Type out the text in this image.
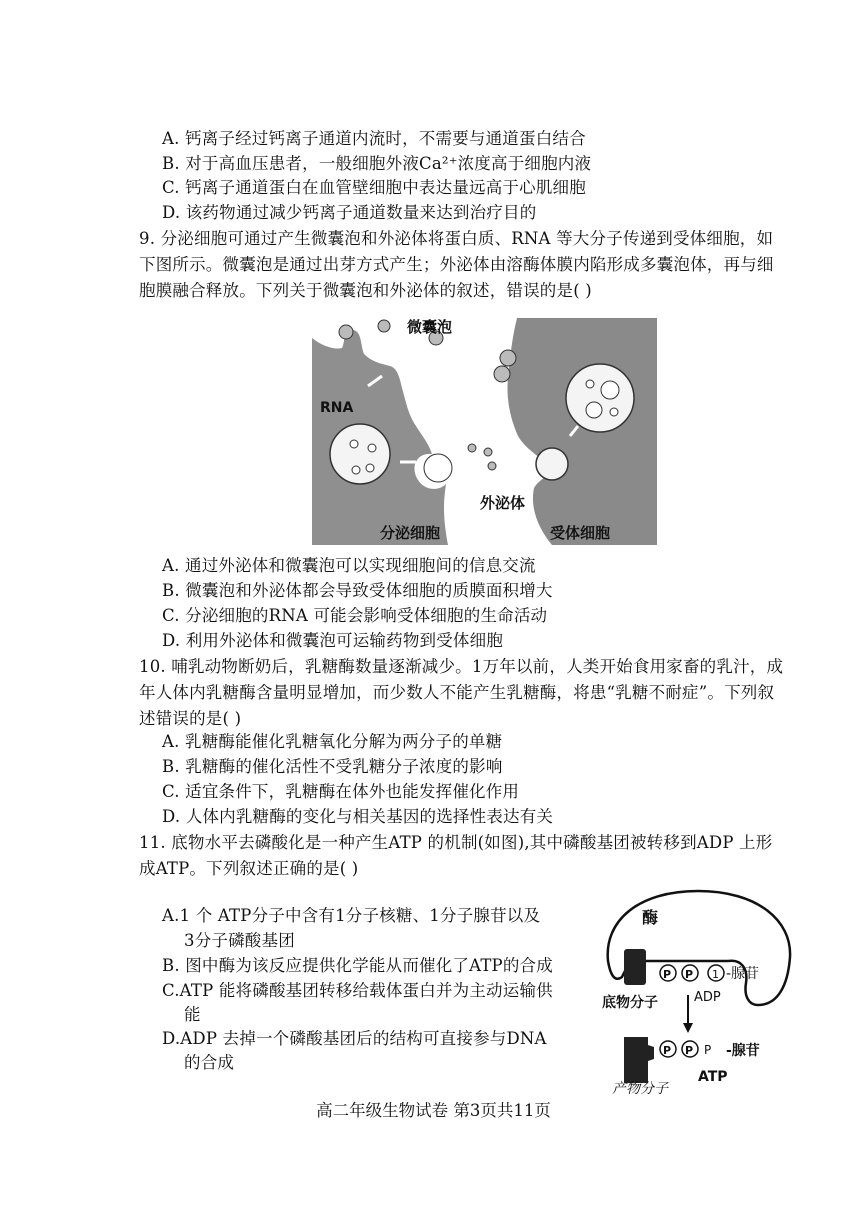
A. 钙离子经过钙离子通道内流时，不需要与通道蛋白结合
B. 对于高血压患者，一般细胞外液Ca²⁺浓度高于细胞内液
C. 钙离子通道蛋白在血管壁细胞中表达量远高于心肌细胞
D. 该药物通过减少钙离子通道数量来达到治疗目的
9. 分泌细胞可通过产生微囊泡和外泌体将蛋白质、RNA 等大分子传递到受体细胞，如
下图所示。微囊泡是通过出芽方式产生；外泌体由溶酶体膜内陷形成多囊泡体，再与细
胞膜融合释放。下列关于微囊泡和外泌体的叙述，错误的是( )
微囊泡
RNA
外泌体
分泌细胞	受体细胞
A. 通过外泌体和微囊泡可以实现细胞间的信息交流
B. 微囊泡和外泌体都会导致受体细胞的质膜面积增大
C. 分泌细胞的RNA 可能会影响受体细胞的生命活动
D. 利用外泌体和微囊泡可运输药物到受体细胞
10. 哺乳动物断奶后，乳糖酶数量逐渐减少。1万年以前，人类开始食用家畜的乳汁，成
年人体内乳糖酶含量明显增加，而少数人不能产生乳糖酶，将患“乳糖不耐症”。下列叙
述错误的是( )
A. 乳糖酶能催化乳糖氧化分解为两分子的单糖
B. 乳糖酶的催化活性不受乳糖分子浓度的影响
C. 适宜条件下，乳糖酶在体外也能发挥催化作用
D. 人体内乳糖酶的变化与相关基因的选择性表达有关
11. 底物水平去磷酸化是一种产生ATP 的机制(如图),其中磷酸基团被转移到ADP 上形
成ATP。下列叙述正确的是( )
A.1 个 ATP分子中含有1分子核糖、1分子腺苷以及
3分子磷酸基团
B. 图中酶为该反应提供化学能从而催化了ATP的合成
C.ATP 能将磷酸基团转移给载体蛋白并为主动运输供
能
D.ADP 去掉一个磷酸基团后的结构可直接参与DNA
的合成
酶
P P 1 -腺苷
ADP
底物分子
P P P -腺苷
产物分子
ATP
高二年级生物试卷 第3页共11页
